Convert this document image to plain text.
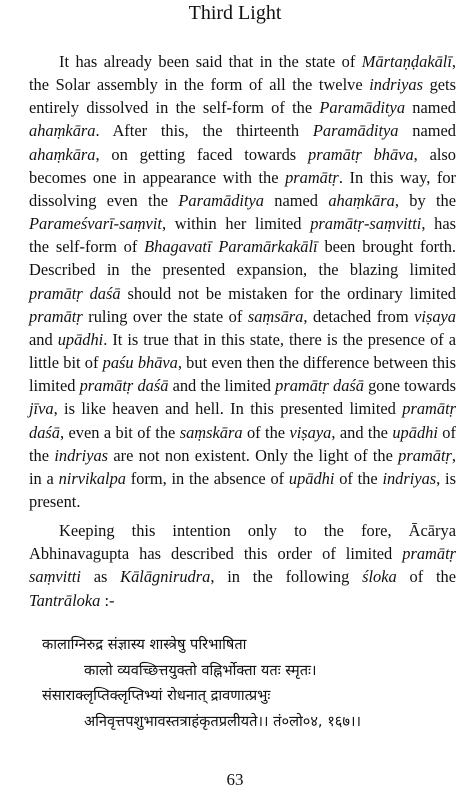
Third Light

It has already been said that in the state of Mārtaṇḍakālī, the Solar assembly in the form of all the twelve indriyas gets entirely dissolved in the self-form of the Paramāditya named ahaṃkāra. After this, the thirteenth Paramāditya named ahaṃkāra, on getting faced towards pramātṛ bhāva, also becomes one in appearance with the pramātṛ. In this way, for dissolving even the Paramāditya named ahaṃkāra, by the Parameśvarī-saṃvit, within her limited pramātṛ-saṃvitti, has the self-form of Bhagavatī Paramārkakālī been brought forth. Described in the presented expansion, the blazing limited pramātṛ daśā should not be mistaken for the ordinary limited pramātṛ ruling over the state of saṃsāra, detached from viṣaya and upādhi. It is true that in this state, there is the presence of a little bit of paśu bhāva, but even then the difference between this limited pramātṛ daśā and the limited pramātṛ daśā gone towards jīva, is like heaven and hell. In this presented limited pramātṛ daśā, even a bit of the saṃskāra of the viṣaya, and the upādhi of the indriyas are not non existent. Only the light of the pramātṛ, in a nirvikalpa form, in the absence of upādhi of the indriyas, is present.

Keeping this intention only to the fore, Ācārya Abhinavagupta has described this order of limited pramātṛ saṃvitti as Kālāgnirudra, in the following śloka of the Tantrāloka :-

कालाग्निरुद्र संज्ञास्य शास्त्रेषु परिभाषिता
कालो व्यवच्छित्तयुक्तो वह्निर्भोक्ता यतः स्मृतः।
संसाराक्लृप्तिक्लृप्तिभ्यां रोधनात् द्रावणात्प्रभुः
अनिवृत्तपशुभावस्तत्राहंकृतप्रलीयते।। तं०लो०४, १६७।।
63
